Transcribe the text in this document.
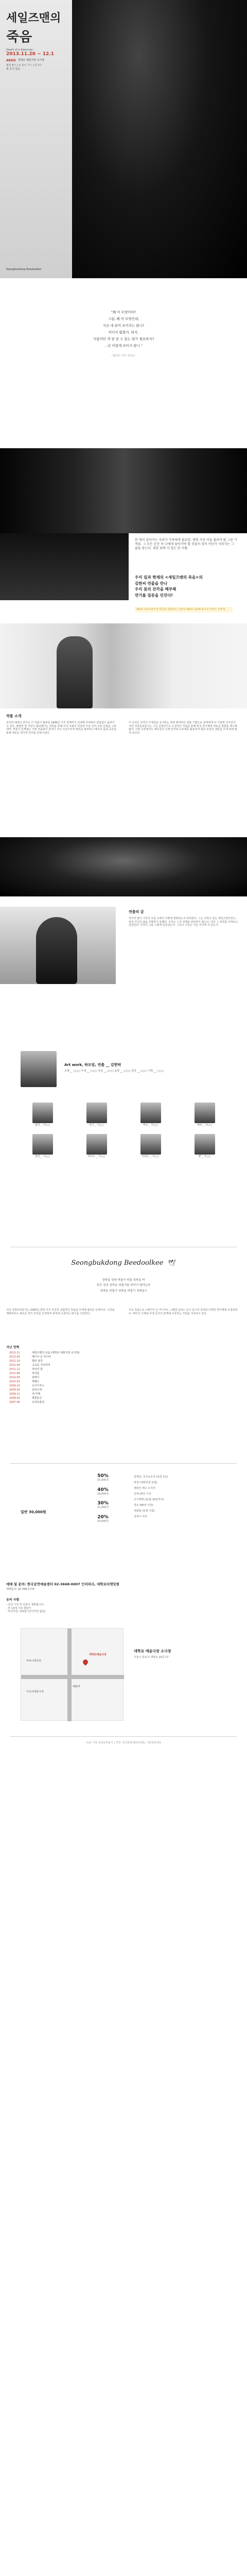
세일즈맨의
죽음
Death of a Salesman
2013.11.20 ~ 12.1
ARKO 대학로 예술극장 소극장
평일 8시 | 토 3시, 7시 | 일 3시
월 공연 없음
Seongbukdong Beedoolkee
"왜 이 모양이야?
그럼, 왜 이 모양인데,
자금 내 끝이 보이지는 않니?
어디서 밟혔지, 뭐지,
사람이란 게 잘 살 수 있는 뭐가 필요하지?
...난 어렵게 보이지 않니 "
- 월리의 시저 '자리로 -
한 명이 살아가는 자리가 가족에게 필요한, 생명 가진 이들 불러야 될 그런 기적들. 그 모든 순간 속 나에게 돌아가야 할 것들이 되어 어딘가 사라지는 그 삶을 묻는다. 세상 위에 서 있는 한 사람.
우리 일과 현재의 <세일즈맨의 죽음>의
김한씨 연출을 만나
우리 몸의 잔각을 해부해
연기를 질문을 던진다!
2013 <동아연극상 희곡상 작품상> 수상작 2013 <올해 최고의 연극> 선정작
작품 소개
전무한 배경의 연극은 이 작품이 발표된 1949년 이후 현재까지 전세계 무대에서 끊임없이 올려지고 있다. 평범한 한 가장이 몰락해가는 과정을 통해 미국 사회의 허상과 가족 간의 소통 단절을 그려내며, 연출가 김재엽은 이번 작품에서 원작이 지닌 사실주의적 해석을 탈피하고 배우의 몸과 공간을 통해 새로운 연극적 언어를 만들어낸다.
이 공연은 원작의 무게감을 유지하는 한편 현대적인 연출 기법으로 관객에게 더 가깝게 다가간다. 극단 성북동비둘기는 그간 실험적이고 도전적인 작업을 통해 한국 연극계에 새로운 방향을 제시해 왔다. 이번 공연에서도 배우들의 신체 언어와 오브제를 활용하여 윌리 로먼의 내면을 무대 위에 펼쳐 보인다.
연출의 글
작가의 말이 시간의 흐름 속에서 어떻게 변형되는지 바라본다. 그는 가족이 있는 세일즈맨이었고, 끝내 자신의 삶을 증명하지 못했다. 우리는 그의 선택을 판단하지 않는다. 다만 그 과정을 지켜보고 질문한다. 무엇이 그를 그렇게 만들었는가. 그리고 우리는 지금 어디에 서 있는가.
Art work, 하모암, 연출 __ 김현탁
조명 __ ○○○ 무대 __ ○○○ 의상 __ ○○○ 음향 __ ○○○ 분장 __ ○○○ 기획 __ ○○○
윌리 _ 이○○	린다 _ 이○○	비프 _ 이○○	해피 _ 이○○
찰리 _ 이○○	버나드 _ 이○○	하워드 _ 이○○	벤 _ 이○○
Seongbukdong Beedoolkee 🕊
상북동 성북 비둘기 비둘 성북동 비
후우 성의 성북동 비둘기들 비이이 열리는다
성북동 비둘기 성북동 비둘기 성북동!!
극단 성북동비둘기는 2005년 창단 이후 꾸준히 실험적인 작품을 무대에 올려온 단체이다. 고전을 재해석하고 새로운 연극 언어를 모색하며 관객과 소통하는 방식을 고민한다.
주요 작품으로 <메디아 온 미디어>, <햄릿 남작> 등이 있으며 국내외 다양한 연극제에 초청되었다. 배우의 신체와 무대 공간의 관계에 주목하는 작업을 지속하고 있다.
지난 연혁
2013.11	세일즈맨의 죽음 (대학로 예술극장 소극장)
2013.05	메디아 온 미디어
2012.10	햄릿 남작
2012.04	고도를 기다리며
2011.11	리어의 꿈
2011.06	하녀들
2010.09	갈매기
2010.03	맥베스
2009.10	오이디푸스
2009.04	안티고네
2008.11	세 자매
2008.05	벚꽃동산
2007.09	유리동물원
일반 30,000원
50%
15,000원
40%
18,000원
30%
21,000원
20%
24,000원
장애인, 국가유공자 (동반 1인)
학생 (대학원생 포함)
예술인 패스 소지자
단체 10인 이상
조기예매 (11월 10일까지)
경로 (65세 이상)
재관람 (티켓 지참)
성북구 주민
예매 및 문의: 한국공연예술센터 02-3668-0007 인터파크, 대학로티켓닷컴
예매문의: 02-766-1774
유의 사항
- 공연 시작 후 입장이 제한됩니다.
- 만 13세 이상 관람가
- 러닝타임: 110분 (인터미션 없음)
혜화역
마로니에공원
아르코예술극장
대학로예술극장
대학로 예술극장 소극장
서울시 종로구 대학로 10길 17
주최: 극단 성북동비둘기 | 후원: 한국문화예술위원회, 서울문화재단
